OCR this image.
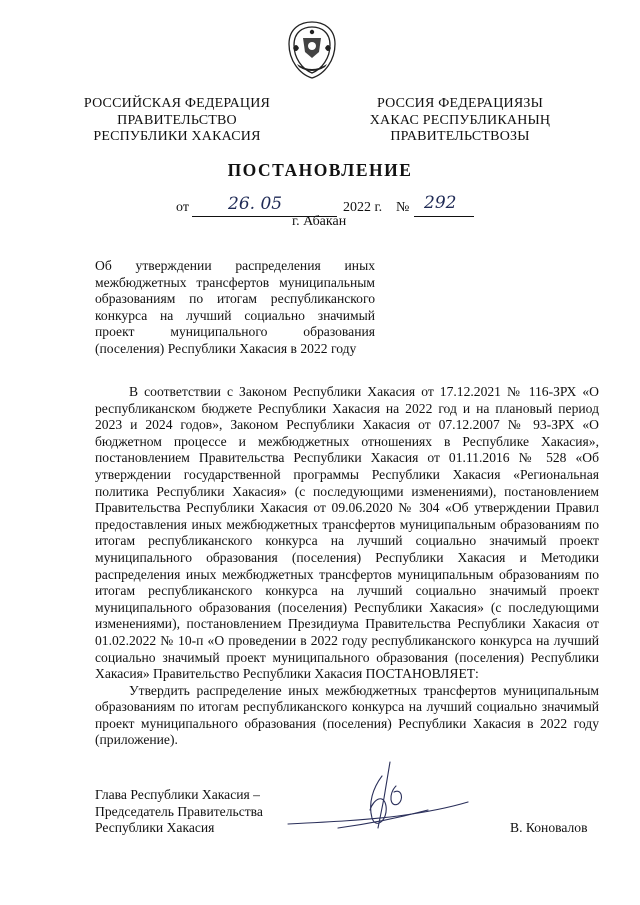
РОССИЙСКАЯ ФЕДЕРАЦИЯ
ПРАВИТЕЛЬСТВО
РЕСПУБЛИКИ ХАКАСИЯ
РОССИЯ ФЕДЕРАЦИЯЗЫ
ХАКАС РЕСПУБЛИКАНЫҢ
ПРАВИТЕЛЬСТВОЗЫ
ПОСТАНОВЛЕНИЕ
от 26. 05	2022 г. № 292
г. Абакан

Об утверждении распределения иных

межбюджетных трансфертов муниципальным

образованиям по итогам республиканского

конкурса на лучший социально значимый

проект муниципального образования

(поселения) Республики Хакасия в 2022 году

В соответствии с Законом Республики Хакасия от 17.12.2021 № 116-ЗРХ «О республиканском бюджете Республики Хакасия на 2022 год и на плановый период 2023 и 2024 годов», Законом Республики Хакасия от 07.12.2007 № 93-ЗРХ «О бюджетном процессе и межбюджетных отношениях в Республике Хакасия», постановлением Правительства Республики Хакасия от 01.11.2016 № 528 «Об утверждении государственной программы Республики Хакасия «Региональная политика Республики Хакасия» (с последующими изменениями), постановлением Правительства Республики Хакасия от 09.06.2020 № 304 «Об утверждении Правил предоставления иных межбюджетных трансфертов муниципальным образованиям по итогам республиканского конкурса на лучший социально значимый проект муниципального образования (поселения) Республики Хакасия и Методики распределения иных межбюджетных трансфертов муниципальным образованиям по итогам республиканского конкурса на лучший социально значимый проект муниципального образования (поселения) Республики Хакасия» (с последующими изменениями), постановлением Президиума Правительства Республики Хакасия от 01.02.2022 № 10-п «О проведении в 2022 году республиканского конкурса на лучший социально значимый проект муниципального образования (поселения) Республики Хакасия» Правительство Республики Хакасия ПОСТАНОВЛЯЕТ:

Утвердить распределение иных межбюджетных трансфертов муниципальным образованиям по итогам республиканского конкурса на лучший социально значимый проект муниципального образования (поселения) Республики Хакасия в 2022 году (приложение).

Глава Республики Хакасия –
Председатель Правительства
Республики Хакасия	В. Коновалов
